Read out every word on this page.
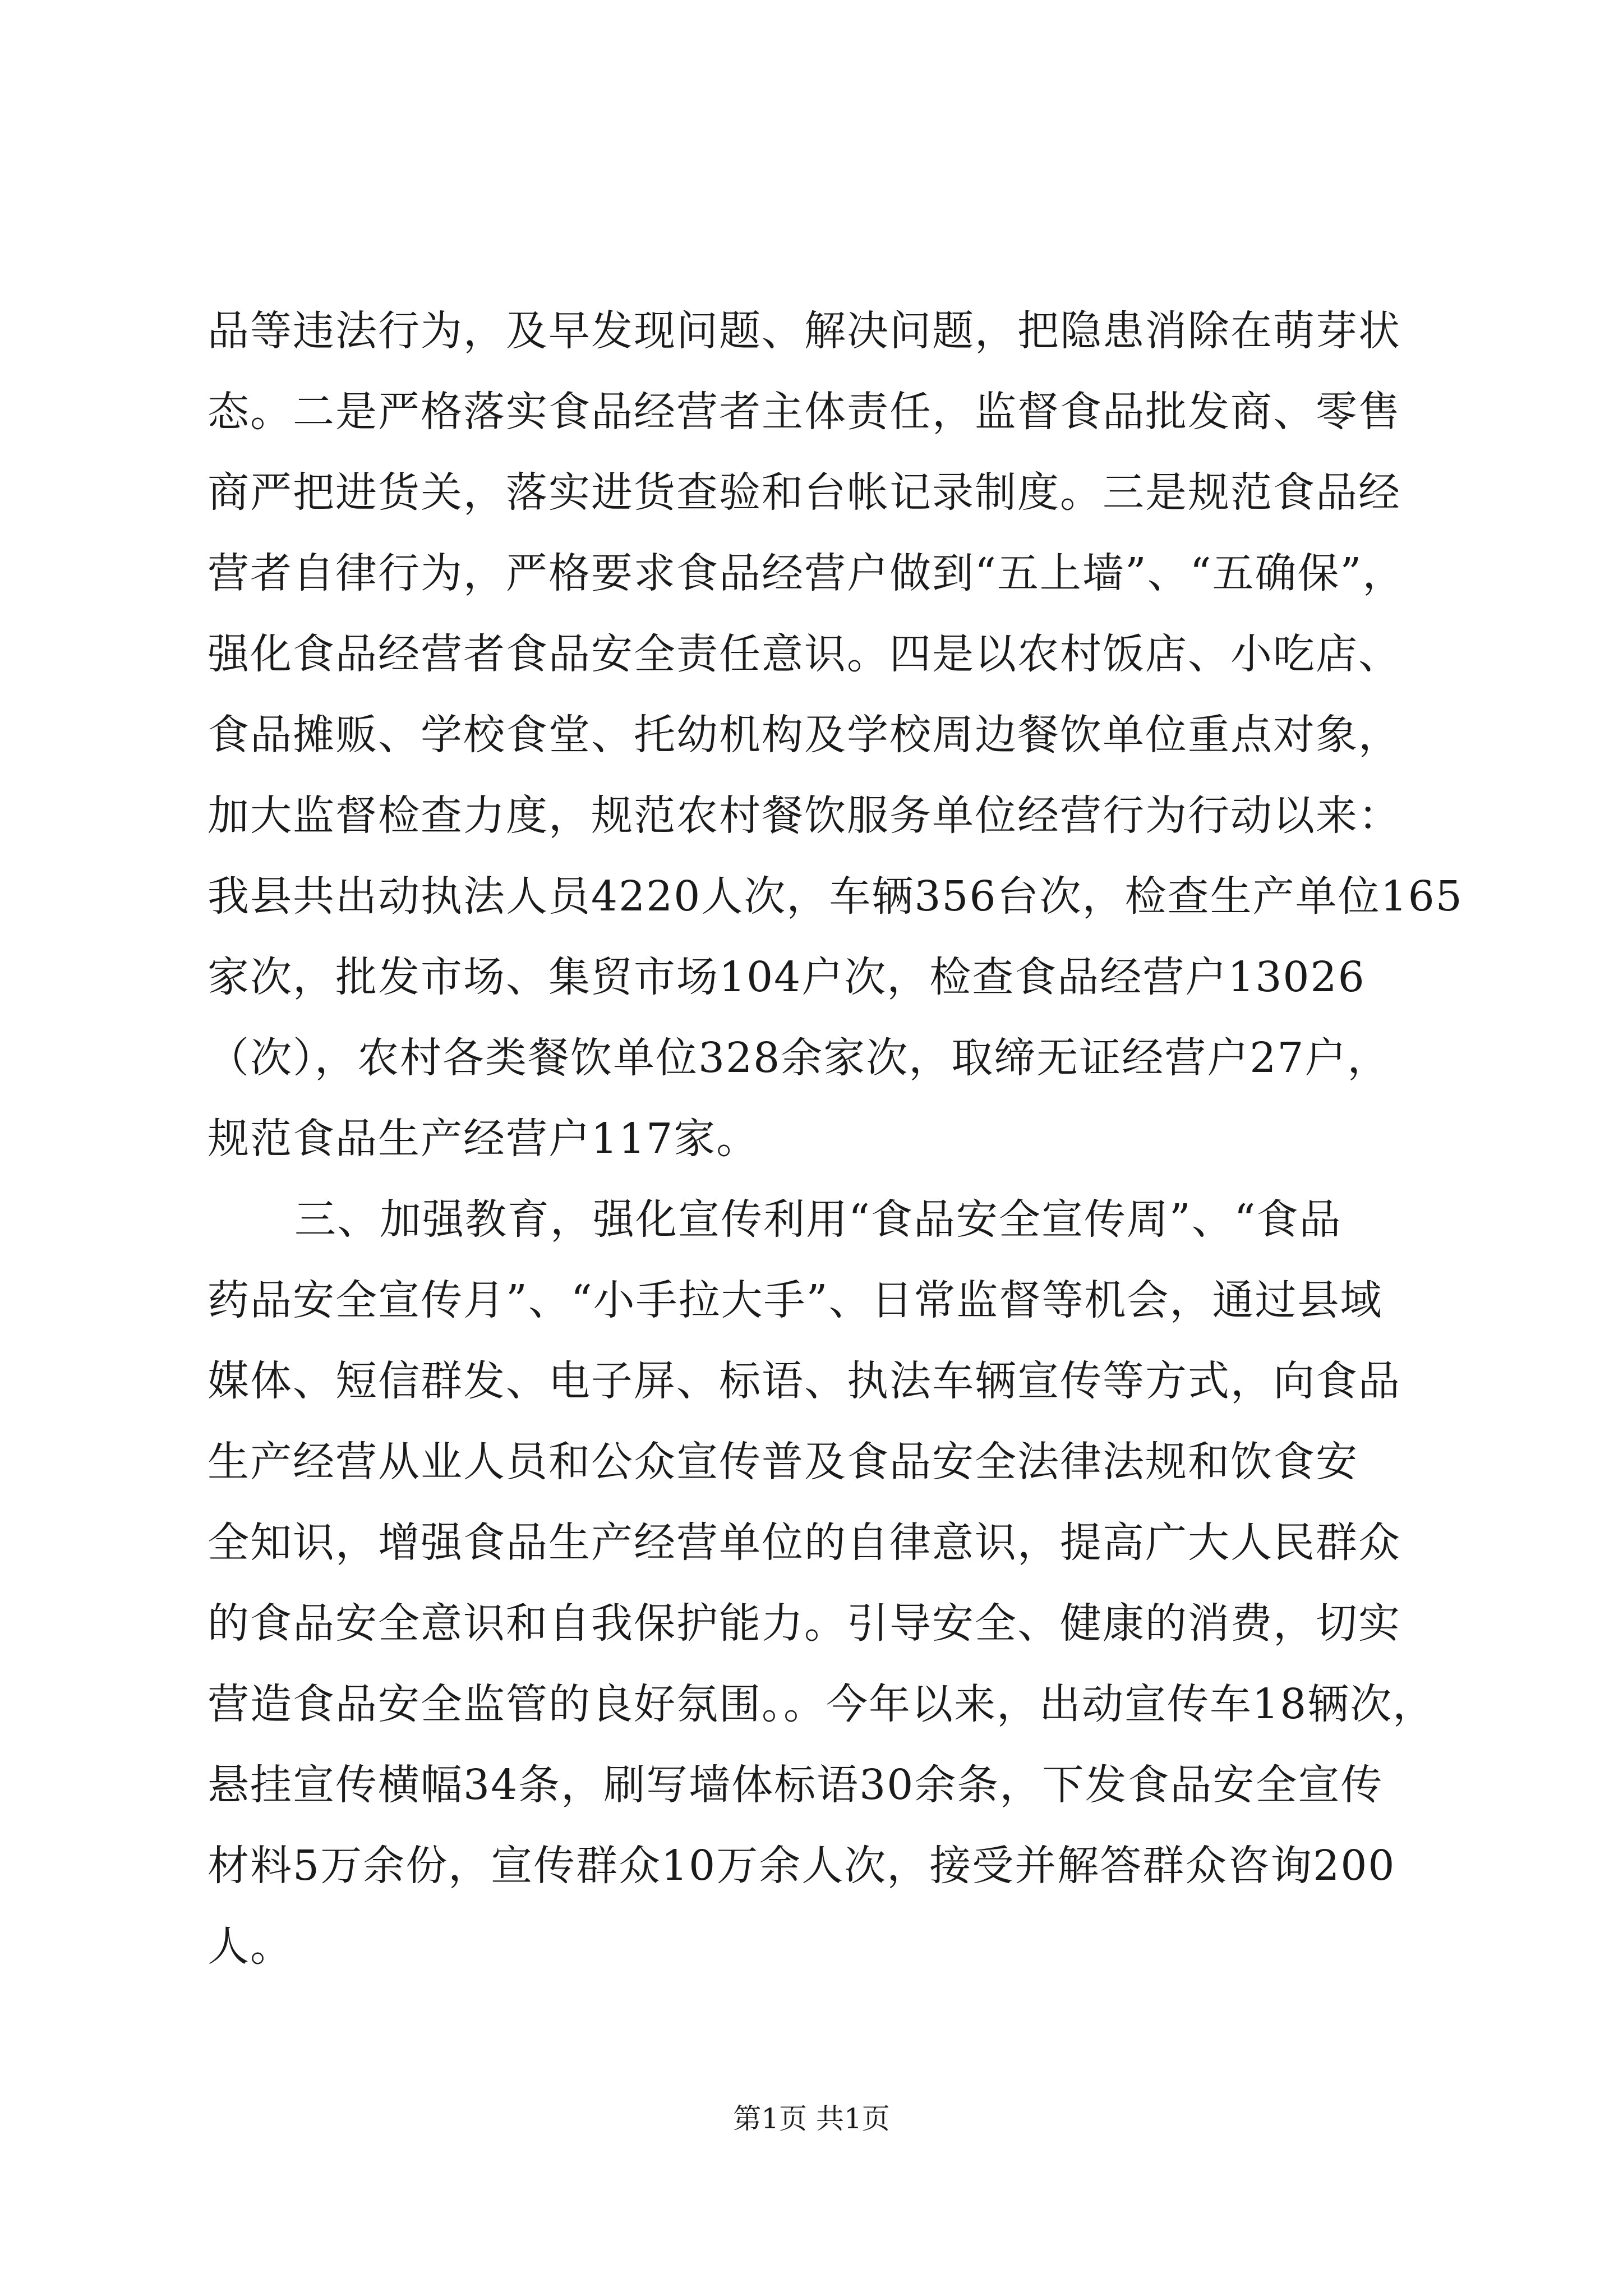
品等违法行为，及早发现问题、解决问题，把隐患消除在萌芽状
态。二是严格落实食品经营者主体责任，监督食品批发商、零售
商严把进货关，落实进货查验和台帐记录制度。三是规范食品经
营者自律行为，严格要求食品经营户做到“五上墙”、“五确保”，
强化食品经营者食品安全责任意识。四是以农村饭店、小吃店、
食品摊贩、学校食堂、托幼机构及学校周边餐饮单位重点对象，
加大监督检查力度，规范农村餐饮服务单位经营行为行动以来：
我县共出动执法人员4220人次，车辆356台次，检查生产单位165
家次，批发市场、集贸市场104户次，检查食品经营户13026
（次），农村各类餐饮单位328余家次，取缔无证经营户27户，
规范食品生产经营户117家。
三、加强教育，强化宣传利用“食品安全宣传周”、“食品
药品安全宣传月”、“小手拉大手”、日常监督等机会，通过县域
媒体、短信群发、电子屏、标语、执法车辆宣传等方式，向食品
生产经营从业人员和公众宣传普及食品安全法律法规和饮食安
全知识，增强食品生产经营单位的自律意识，提高广大人民群众
的食品安全意识和自我保护能力。引导安全、健康的消费，切实
营造食品安全监管的良好氛围。。今年以来，出动宣传车18辆次，
悬挂宣传横幅34条，刷写墙体标语30余条，下发食品安全宣传
材料5万余份，宣传群众10万余人次，接受并解答群众咨询200
人。
第1页 共1页
